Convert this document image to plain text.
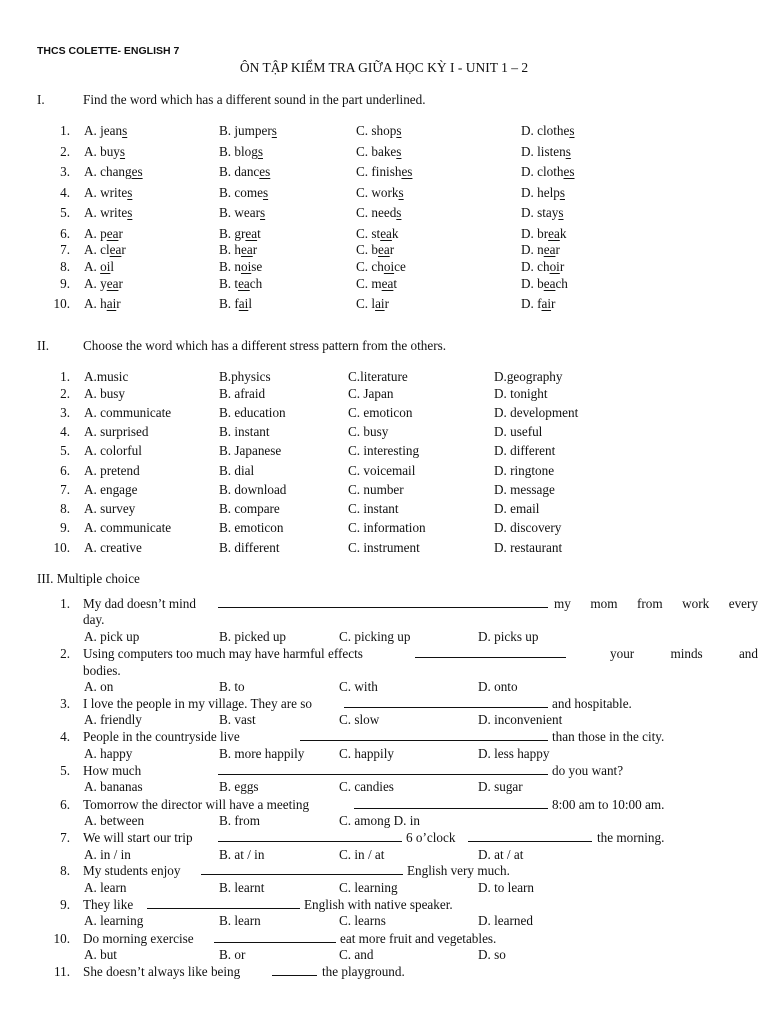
THCS COLETTE- ENGLISH 7
ÔN TẬP KIỂM TRA GIỮA HỌC KỲ I - UNIT 1 – 2
I.	Find the word which has a different sound in the part underlined.
1. A. jeans	B. jumpers	C. shops	D. clothes
2. A. buys	B. blogs	C. bakes	D. listens
3. A. changes	B. dances	C. finishes	D. clothes
4. A. writes	B. comes	C. works	D. helps
5. A. writes	B. wears	C. needs	D. stays
6. A. pear	B. great	C. steak	D. break
7. A. clear	B. hear	C. bear	D. near
8. A. oil	B. noise	C. choice	D. choir
9. A. year	B. teach	C. meat	D. beach
10. A. hair	B. fail	C. lair	D. fair
II.	Choose the word which has a different stress pattern from the others.
1. A.music	B.physics	C.literature	D.geography
2. A. busy	B. afraid	C. Japan	D. tonight
3. A. communicate	B. education	C. emoticon	D. development
4. A. surprised	B. instant	C. busy	D. useful
5. A. colorful	B. Japanese	C. interesting	D. different
6. A. pretend	B. dial	C. voicemail	D. ringtone
7. A. engage	B. download	C. number	D. message
8. A. survey	B. compare	C. instant	D. email
9. A. communicate	B. emoticon	C. information	D. discovery
10. A. creative	B. different	C. instrument	D. restaurant
III. Multiple choice
1. My dad doesn’t mind	my mom from work every
day.
A. pick up	B. picked up	C. picking up	D. picks up
2. Using computers too much may have harmful effects	your minds and
bodies.
A. on	B. to	C. with	D. onto
3. I love the people in my village. They are so	and hospitable.
A. friendly	B. vast	C. slow	D. inconvenient
4. People in the countryside live	than those in the city.
A. happy	B. more happily	C. happily	D. less happy
5. How much	do you want?
A. bananas	B. eggs	C. candies	D. sugar
6. Tomorrow the director will have a meeting	8:00 am to 10:00 am.
A. between	B. from	C. among D. in
7. We will start our trip	6 o’clock	the morning.
A. in / in	B. at / in	C. in / at	D. at / at
8. My students enjoy	English very much.
A. learn	B. learnt	C. learning	D. to learn
9. They like	English with native speaker.
A. learning	B. learn	C. learns	D. learned
10. Do morning exercise	eat more fruit and vegetables.
A. but	B. or	C. and	D. so
11. She doesn’t always like being	the playground.
